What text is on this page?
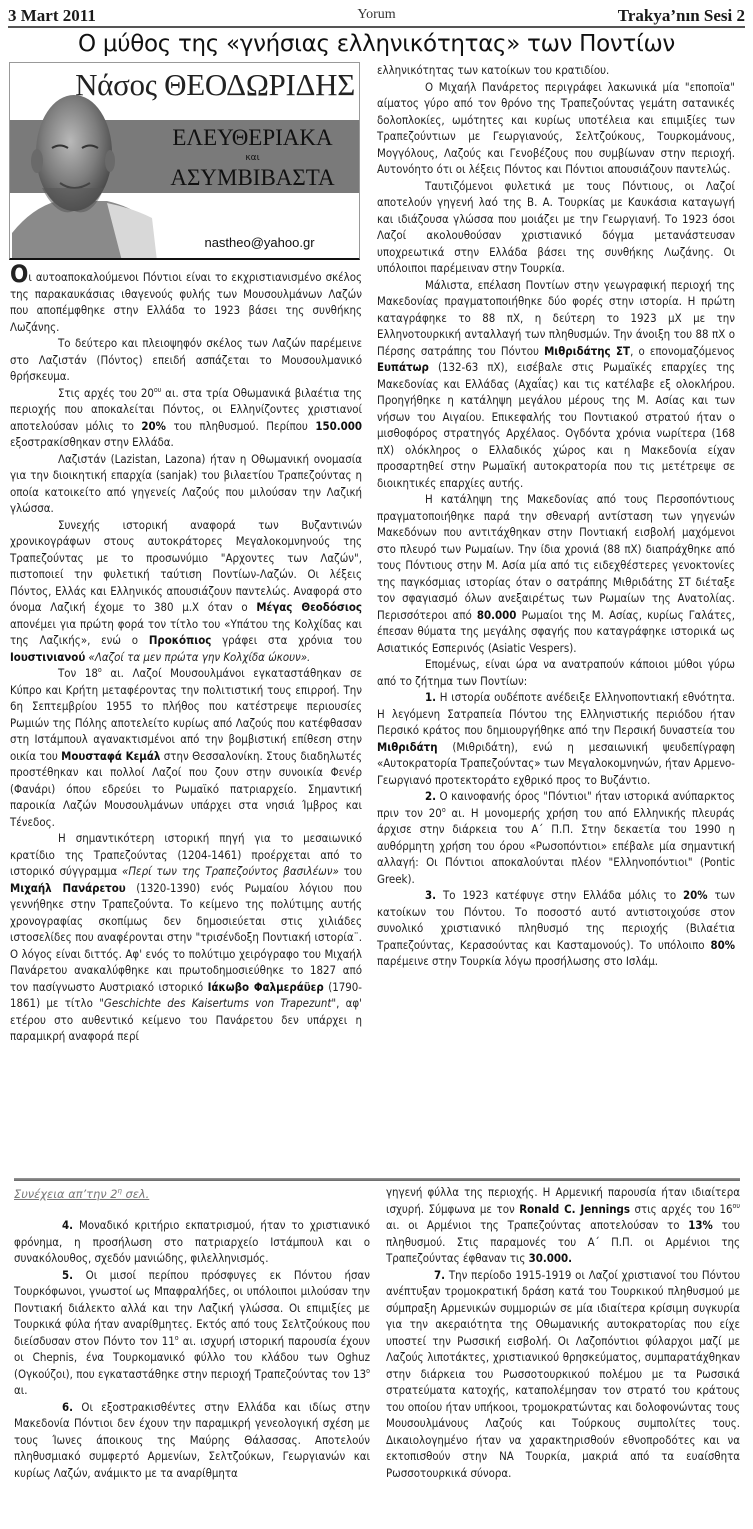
3 Mart 2011	Yorum	Trakya’nın Sesi 2
Ο μύθος της «γνήσιας ελληνικότητας» των Ποντίων
Νάσος ΘΕΟΔΩΡΙΔΗΣ
ΕΛΕΥΘΕΡΙΑΚΑ
και
ΑΣΥΜΒΙΒΑΣΤΑ
nastheo@yahoo.gr

Οι αυτοαποκαλούμενοι Πόντιοι είναι το εκχριστιανισμένο σκέλος της παρακαυκάσιας ιθαγενούς φυλής των Μουσουλμάνων Λαζών που αποπέμφθηκε στην Ελλάδα το 1923 βάσει της συνθήκης Λωζάνης.

Το δεύτερο και πλειοψηφόν σκέλος των Λαζών παρέμεινε στο Λαζιστάν (Πόντος) επειδή ασπάζεται το Μουσουλμανικό θρήσκευμα.

Στις αρχές του $20^{o\upsilon}$ αι. στα τρία Οθωμανικά βιλαέτια της περιοχής που αποκαλείται Πόντος, οι Ελληνίζοντες χριστιανοί αποτελούσαν μόλις το 20% του πληθυσμού. Περίπου 150.000 εξοστρακίσθηκαν στην Ελλάδα.

Λαζιστάν (Lazistan, Lazona) ήταν η Οθωμανική ονομασία για την διοικητική επαρχία (sanjak) του βιλαετίου Τραπεζούντας η οποία κατοικείτο από γηγενείς Λαζούς που μιλούσαν την Λαζική γλώσσα.

Συνεχής ιστορική αναφορά των Βυζαντινών χρονικογράφων στους αυτοκράτορες Μεγαλοκομνηνούς της Τραπεζούντας με το προσωνύμιο "Αρχοντες των Λαζών", πιστοποιεί την φυλετική ταύτιση Ποντίων-Λαζών. Οι λέξεις Πόντος, Ελλάς και Ελληνικός απουσιάζουν παντελώς. Αναφορά στο όνομα Λαζική έχομε το 380 μ.Χ όταν ο Μέγας Θεοδόσιος απονέμει για πρώτη φορά τον τίτλο του «Υπάτου της Κολχίδας και της Λαζικής», ενώ ο Προκόπιος γράφει στα χρόνια του Ιουστινιανού «Λαζοί τα μεν πρώτα γην Κολχίδα ώκουν».

Τον $18^o$ αι. Λαζοί Μουσουλμάνοι εγκαταστάθηκαν σε Κύπρο και Κρήτη μεταφέροντας την πολιτιστική τους επιρροή. Την 6η Σεπτεμβρίου 1955 το πλήθος που κατέστρεψε περιουσίες Ρωμιών της Πόλης αποτελείτο κυρίως από Λαζούς που κατέφθασαν στη Ιστάμπουλ αγανακτισμένοι από την βομβιστική επίθεση στην οικία του Μουσταφά Κεμάλ στην Θεσσαλονίκη. Στους διαδηλωτές προστέθηκαν και πολλοί Λαζοί που ζουν στην συνοικία Φενέρ (Φανάρι) όπου εδρεύει το Ρωμαϊκό πατριαρχείο. Σημαντική παροικία Λαζών Μουσουλμάνων υπάρχει στα νησιά Ίμβρος και Τένεδος.

Η σημαντικότερη ιστορική πηγή για το μεσαιωνικό κρατίδιο της Τραπεζούντας (1204-1461) προέρχεται από το ιστορικό σύγγραμμα «Περί των της Τραπεζούντος βασιλέων» του Μιχαήλ Πανάρετου (1320-1390) ενός Ρωμαίου λόγιου που γεννήθηκε στην Τραπεζούντα. Το κείμενο της πολύτιμης αυτής χρονογραφίας σκοπίμως δεν δημοσιεύεται στις χιλιάδες ιστοσελίδες που αναφέρονται στην "τρισένδοξη Ποντιακή ιστορία¨. Ο λόγος είναι διττός. Αφ' ενός το πολύτιμο χειρόγραφο του Μιχαήλ Πανάρετου ανακαλύφθηκε και πρωτοδημοσιεύθηκε το 1827 από τον πασίγνωστο Αυστριακό ιστορικό Ιάκωβο Φαλμεράϋερ (1790-1861) με τίτλο "Geschichte des Kaisertums von Trapezunt", αφ' ετέρου στο αυθεντικό κείμενο του Πανάρετου δεν υπάρχει η παραμικρή αναφορά περί

ελληνικότητας των κατοίκων του κρατιδίου.

Ο Μιχαήλ Πανάρετος περιγράφει λακωνικά μία "εποποϊα" αίματος γύρο από τον θρόνο της Τραπεζούντας γεμάτη σατανικές δολοπλοκίες, ωμότητες και κυρίως υποτέλεια και επιμιξίες των Τραπεζούντιων με Γεωργιανούς, Σελτζούκους, Τουρκομάνους, Μογγόλους, Λαζούς και Γενοβέζους που συμβίωναν στην περιοχή. Αυτονόητο ότι οι λέξεις Πόντος και Πόντιοι απουσιάζουν παντελώς.

Ταυτιζόμενοι φυλετικά με τους Πόντιους, οι Λαζοί αποτελούν γηγενή λαό της Β. Α. Τουρκίας με Καυκάσια καταγωγή και ιδιάζουσα γλώσσα που μοιάζει με την Γεωργιανή. Το 1923 όσοι Λαζοί ακολουθούσαν χριστιανικό δόγμα μετανάστευσαν υποχρεωτικά στην Ελλάδα βάσει της συνθήκης Λωζάνης. Οι υπόλοιποι παρέμειναν στην Τουρκία.

Μάλιστα, επέλαση Ποντίων στην γεωγραφική περιοχή της Μακεδονίας πραγματοποιήθηκε δύο φορές στην ιστορία. Η πρώτη καταγράφηκε το 88 πΧ, η δεύτερη το 1923 μΧ με την Ελληνοτουρκική ανταλλαγή των πληθυσμών. Την άνοιξη του 88 πΧ ο Πέρσης σατράπης του Πόντου Μιθριδάτης ΣΤ, ο επονομαζόμενος Ευπάτωρ (132-63 πΧ), εισέβαλε στις Ρωμαϊκές επαρχίες της Μακεδονίας και Ελλάδας (Αχαΐας) και τις κατέλαβε εξ ολοκλήρου. Προηγήθηκε η κατάληψη μεγάλου μέρους της Μ. Ασίας και των νήσων του Αιγαίου. Επικεφαλής του Ποντιακού στρατού ήταν ο μισθοφόρος στρατηγός Αρχέλαος. Ογδόντα χρόνια νωρίτερα (168 πΧ) ολόκληρος ο Ελλαδικός χώρος και η Μακεδονία είχαν προσαρτηθεί στην Ρωμαϊκή αυτοκρατορία που τις μετέτρεψε σε διοικητικές επαρχίες αυτής.

Η κατάληψη της Μακεδονίας από τους Περσοπόντιους πραγματοποιήθηκε παρά την σθεναρή αντίσταση των γηγενών Μακεδόνων που αντιτάχθηκαν στην Ποντιακή εισβολή μαχόμενοι στο πλευρό των Ρωμαίων. Την ίδια χρονιά (88 πΧ) διαπράχθηκε από τους Πόντιους στην Μ. Ασία μία από τις ειδεχθέστερες γενοκτονίες της παγκόσμιας ιστορίας όταν ο σατράπης Μιθριδάτης ΣΤ διέταξε τον σφαγιασμό όλων ανεξαιρέτως των Ρωμαίων της Ανατολίας. Περισσότεροι από 80.000 Ρωμαίοι της Μ. Ασίας, κυρίως Γαλάτες, έπεσαν θύματα της μεγάλης σφαγής που καταγράφηκε ιστορικά ως Ασιατικός Εσπερινός (Asiatic Vespers).

Επομένως, είναι ώρα να ανατραπούν κάποιοι μύθοι γύρω από το ζήτημα των Ποντίων:

1. Η ιστορία ουδέποτε ανέδειξε Ελληνοποντιακή εθνότητα. Η λεγόμενη Σατραπεία Πόντου της Ελληνιστικής περιόδου ήταν Περσικό κράτος που δημιουργήθηκε από την Περσική δυναστεία του Μιθριδάτη (Μιθριδάτη), ενώ η μεσαιωνική ψευδεπίγραφη «Αυτοκρατορία Τραπεζούντας» των Μεγαλοκομνηνών, ήταν Αρμενο-Γεωργιανό προτεκτοράτο εχθρικό προς το Βυζάντιο.

2. Ο καινοφανής όρος "Πόντιοι" ήταν ιστορικά ανύπαρκτος πριν τον $20^o$ αι. Η μονομερής χρήση του από Ελληνικής πλευράς άρχισε στην διάρκεια του Α΄ Π.Π. Στην δεκαετία του 1990 η αυθόρμητη χρήση του όρου «Ρωσοπόντιοι» επέβαλε μία σημαντική αλλαγή: Οι Πόντιοι αποκαλούνται πλέον "Ελληνοπόντιοι" (Pontic Greek).

3. Το 1923 κατέφυγε στην Ελλάδα μόλις το 20% των κατοίκων του Πόντου. Το ποσοστό αυτό αντιστοιχούσε στον συνολικό χριστιανικό πληθυσμό της περιοχής (Βιλαέτια Τραπεζούντας, Κερασούντας και Κασταμονούς). Το υπόλοιπο 80% παρέμεινε στην Τουρκία λόγω προσήλωσης στο Ισλάμ.

Συνέχεια απ’την $2^\eta$ σελ.

4. Μοναδικό κριτήριο εκπατρισμού, ήταν το χριστιανικό φρόνημα, η προσήλωση στο πατριαρχείο Ιστάμπουλ και ο συνακόλουθος, σχεδόν μανιώδης, φιλελληνισμός.

5. Οι μισοί περίπου πρόσφυγες εκ Πόντου ήσαν Τουρκόφωνοι, γνωστοί ως Μπαφραλήδες, οι υπόλοιποι μιλούσαν την Ποντιακή διάλεκτο αλλά και την Λαζική γλώσσα. Οι επιμιξίες με Τουρκικά φύλα ήταν αναρίθμητες. Εκτός από τους Σελτζούκους που διείσδυσαν στον Πόντο τον $11^o$ αι. ισχυρή ιστορική παρουσία έχουν οι Chepnis, ένα Τουρκομανικό φύλλο του κλάδου των Oghuz (Ογκούζοι), που εγκαταστάθηκε στην περιοχή Τραπεζούντας τον $13^o$ αι.

6. Οι εξοστρακισθέντες στην Ελλάδα και ιδίως στην Μακεδονία Πόντιοι δεν έχουν την παραμικρή γενεολογική σχέση με τους Ίωνες άποικους της Μαύρης Θάλασσας. Αποτελούν πληθυσμιακό συμφερτό Αρμενίων, Σελτζούκων, Γεωργιανών και κυρίως Λαζών, ανάμικτο με τα αναρίθμητα

γηγενή φύλλα της περιοχής. Η Αρμενική παρουσία ήταν ιδιαίτερα ισχυρή. Σύμφωνα με τον Ronald C. Jennings στις αρχές του $16^{o\upsilon}$ αι. οι Αρμένιοι της Τραπεζούντας αποτελούσαν το 13% του πληθυσμού. Στις παραμονές του Α΄ Π.Π. οι Αρμένιοι της Τραπεζούντας έφθαναν τις 30.000.

7. Την περίοδο 1915-1919 οι Λαζοί χριστιανοί του Πόντου ανέπτυξαν τρομοκρατική δράση κατά του Τουρκικού πληθυσμού με σύμπραξη Αρμενικών συμμοριών σε μία ιδιαίτερα κρίσιμη συγκυρία για την ακεραιότητα της Οθωμανικής αυτοκρατορίας που είχε υποστεί την Ρωσσική εισβολή. Οι Λαζοπόντιοι φύλαρχοι μαζί με Λαζούς λιποτάκτες, χριστιανικού θρησκεύματος, συμπαρατάχθηκαν στην διάρκεια του Ρωσσοτουρκικού πολέμου με τα Ρωσσικά στρατεύματα κατοχής, καταπολέμησαν τον στρατό του κράτους του οποίου ήταν υπήκοοι, τρομοκρατώντας και δολοφονώντας τους Μουσουλμάνους Λαζούς και Τούρκους συμπολίτες τους. Δικαιολογημένο ήταν να χαρακτηρισθούν εθνοπροδότες και να εκτοπισθούν στην ΝΑ Τουρκία, μακριά από τα ευαίσθητα Ρωσσοτουρκικά σύνορα.
